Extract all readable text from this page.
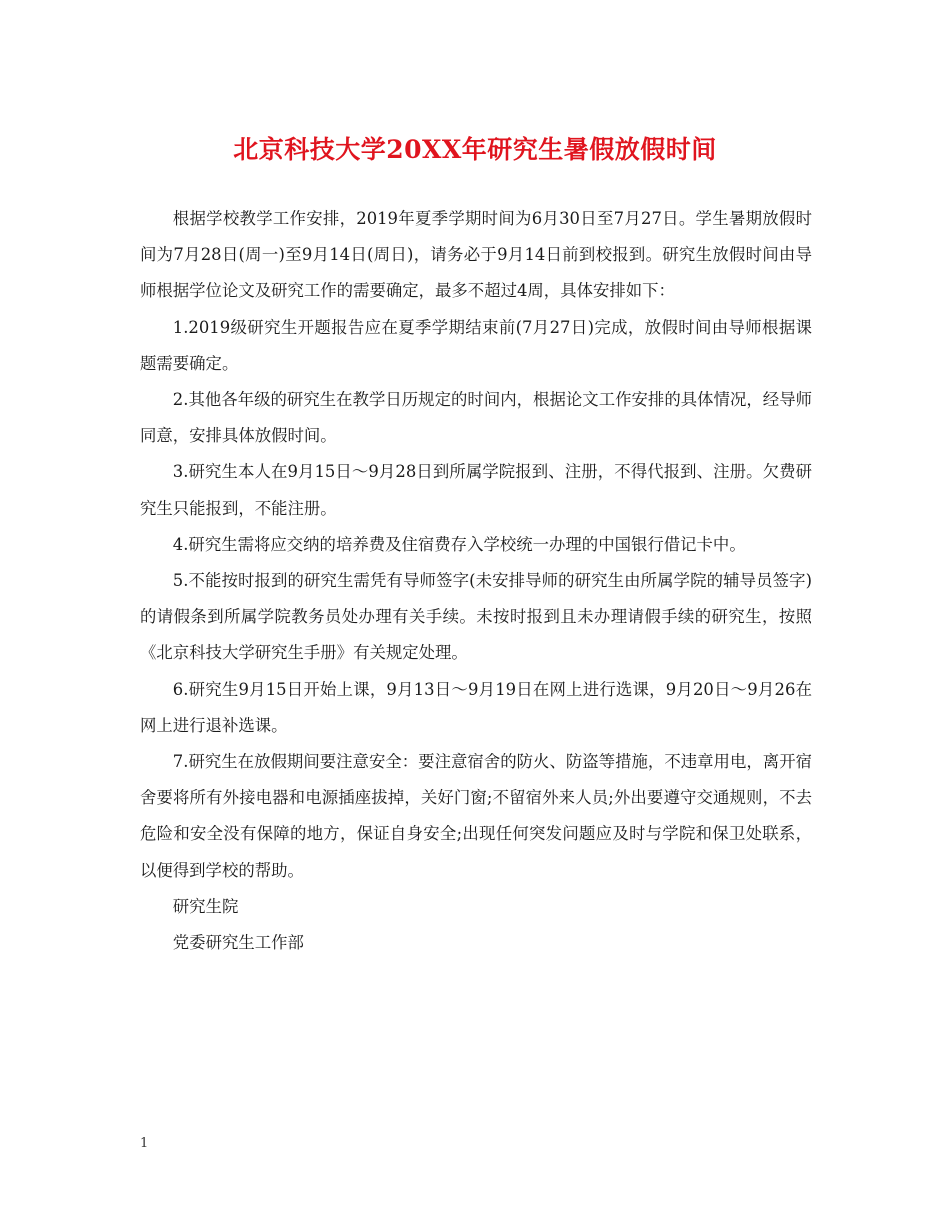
北京科技大学20XX年研究生暑假放假时间

根据学校教学工作安排，2019年夏季学期时间为6月30日至7月27日。学生暑期放假时间为7月28日(周一)至9月14日(周日)，请务必于9月14日前到校报到。研究生放假时间由导师根据学位论文及研究工作的需要确定，最多不超过4周，具体安排如下：

1.2019级研究生开题报告应在夏季学期结束前(7月27日)完成，放假时间由导师根据课题需要确定。

2.其他各年级的研究生在教学日历规定的时间内，根据论文工作安排的具体情况，经导师同意，安排具体放假时间。

3.研究生本人在9月15日～9月28日到所属学院报到、注册，不得代报到、注册。欠费研究生只能报到，不能注册。

4.研究生需将应交纳的培养费及住宿费存入学校统一办理的中国银行借记卡中。

5.不能按时报到的研究生需凭有导师签字(未安排导师的研究生由所属学院的辅导员签字)的请假条到所属学院教务员处办理有关手续。未按时报到且未办理请假手续的研究生，按照《北京科技大学研究生手册》有关规定处理。

6.研究生9月15日开始上课，9月13日～9月19日在网上进行选课，9月20日～9月26在网上进行退补选课。

7.研究生在放假期间要注意安全：要注意宿舍的防火、防盗等措施，不违章用电，离开宿舍要将所有外接电器和电源插座拔掉，关好门窗;不留宿外来人员;外出要遵守交通规则，不去危险和安全没有保障的地方，保证自身安全;出现任何突发问题应及时与学院和保卫处联系，以便得到学校的帮助。

研究生院

党委研究生工作部

1
